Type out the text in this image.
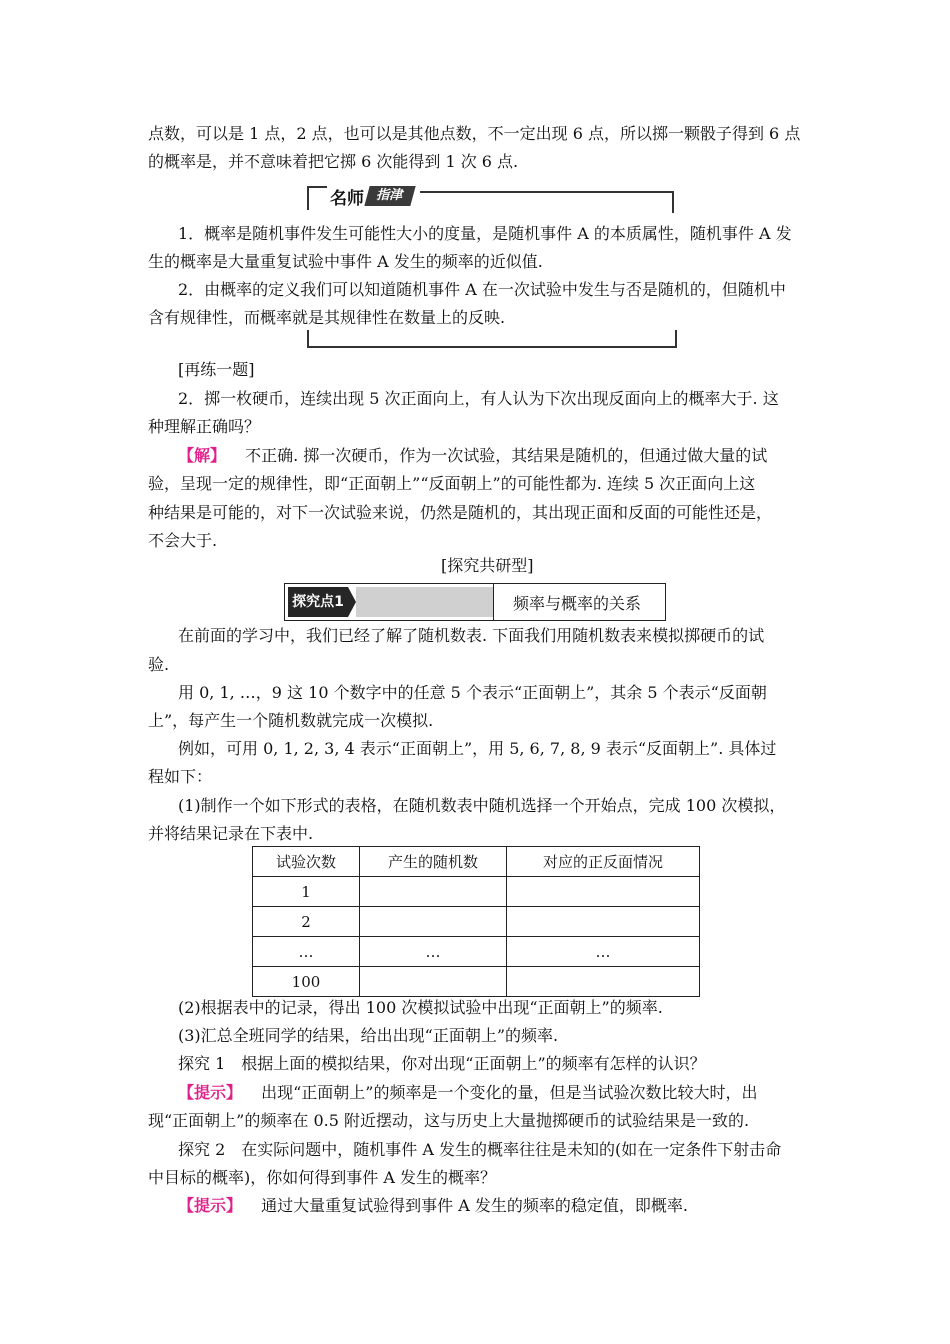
点数，可以是 1 点，2 点，也可以是其他点数，不一定出现 6 点，所以掷一颗骰子得到 6 点
的概率是，并不意味着把它掷 6 次能得到 1 次 6 点.
名师 指津
1．概率是随机事件发生可能性大小的度量，是随机事件 A 的本质属性，随机事件 A 发
生的概率是大量重复试验中事件 A 发生的频率的近似值.
2．由概率的定义我们可以知道随机事件 A 在一次试验中发生与否是随机的，但随机中
含有规律性，而概率就是其规律性在数量上的反映.
[再练一题]
2．掷一枚硬币，连续出现 5 次正面向上，有人认为下次出现反面向上的概率大于. 这
种理解正确吗？
【解】 不正确. 掷一次硬币，作为一次试验，其结果是随机的，但通过做大量的试
验，呈现一定的规律性，即“正面朝上”“反面朝上”的可能性都为. 连续 5 次正面向上这
种结果是可能的，对下一次试验来说，仍然是随机的，其出现正面和反面的可能性还是，
不会大于.
[探究共研型]
探究点1	频率与概率的关系
在前面的学习中，我们已经了解了随机数表. 下面我们用随机数表来模拟掷硬币的试
验.
用 0, 1, …，9 这 10 个数字中的任意 5 个表示“正面朝上”，其余 5 个表示“反面朝
上”，每产生一个随机数就完成一次模拟.
例如，可用 0, 1, 2, 3, 4 表示“正面朝上”，用 5, 6, 7, 8, 9 表示“反面朝上”. 具体过
程如下：
(1)制作一个如下形式的表格，在随机数表中随机选择一个开始点，完成 100 次模拟，
并将结果记录在下表中.
试验次数	产生的随机数	对应的正反面情况
1		
2		
…	…	…
100		
(2)根据表中的记录，得出 100 次模拟试验中出现“正面朝上”的频率.
(3)汇总全班同学的结果，给出出现“正面朝上”的频率.
探究 1　根据上面的模拟结果，你对出现“正面朝上”的频率有怎样的认识？
【提示】 出现“正面朝上”的频率是一个变化的量，但是当试验次数比较大时，出
现“正面朝上”的频率在 0.5 附近摆动，这与历史上大量抛掷硬币的试验结果是一致的.
探究 2　在实际问题中，随机事件 A 发生的概率往往是未知的(如在一定条件下射击命
中目标的概率)，你如何得到事件 A 发生的概率？
【提示】 通过大量重复试验得到事件 A 发生的频率的稳定值，即概率.
